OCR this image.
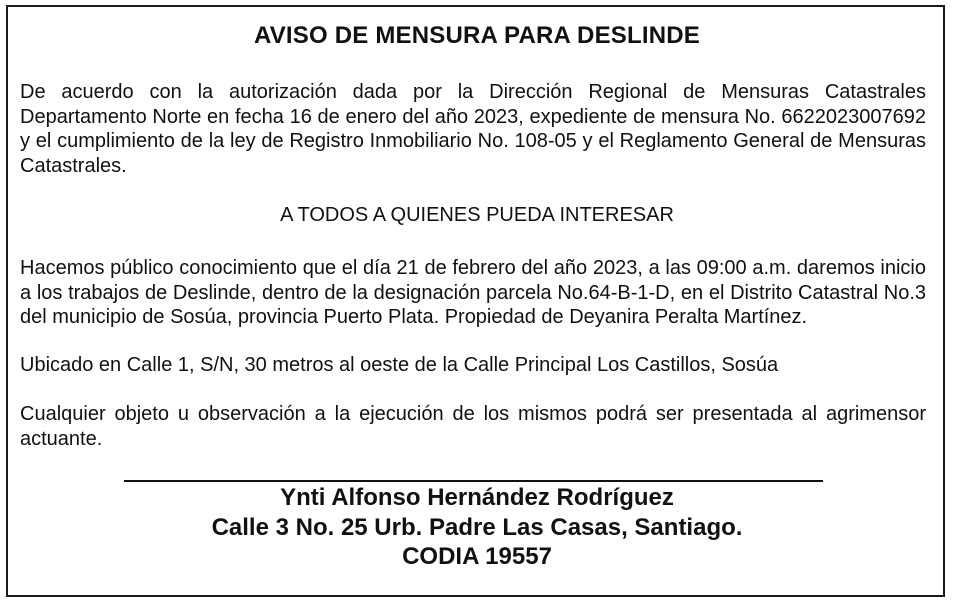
AVISO DE MENSURA PARA DESLINDE

De acuerdo con la autorización dada por la Dirección Regional de Mensuras Catastrales Departamento Norte en fecha 16 de enero del año 2023, expediente de mensura No. 6622023007692 y el cumplimiento de la ley de Registro Inmobiliario No. 108-05 y el Reglamento General de Mensuras Catastrales.

A TODOS A QUIENES PUEDA INTERESAR

Hacemos público conocimiento que el día 21 de febrero del año 2023, a las 09:00 a.m. daremos inicio a los trabajos de Deslinde, dentro de la designación parcela No.64-B-1-D, en el Distrito Catastral No.3 del municipio de Sosúa, provincia Puerto Plata. Propiedad de Deyanira Peralta Martínez.

Ubicado en Calle 1, S/N, 30 metros al oeste de la Calle Principal Los Castillos, Sosúa

Cualquier objeto u observación a la ejecución de los mismos podrá ser presentada al agrimensor actuante.

Ynti Alfonso Hernández Rodríguez
Calle 3 No. 25 Urb. Padre Las Casas, Santiago.
CODIA 19557
